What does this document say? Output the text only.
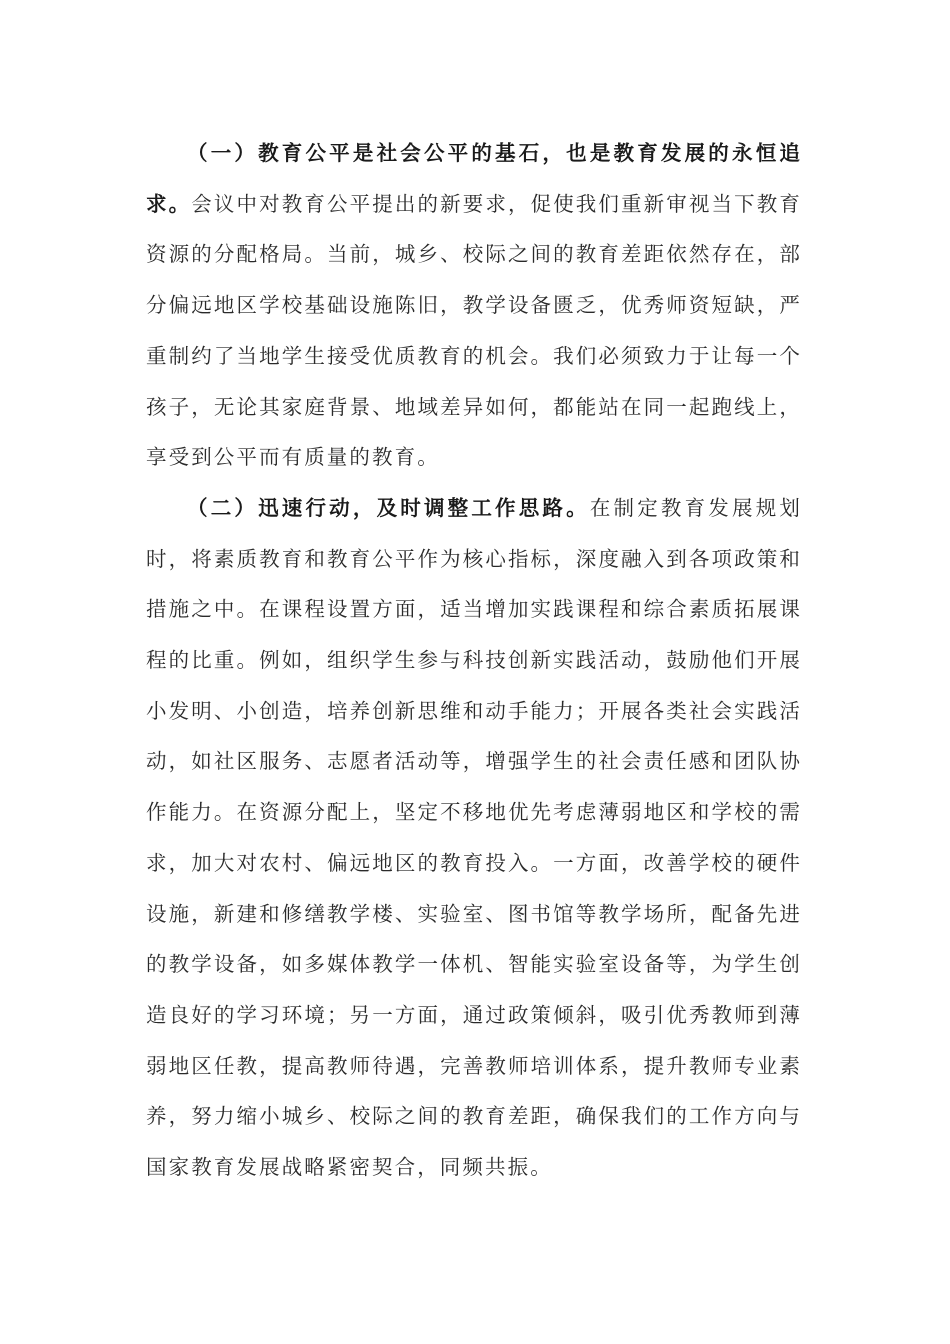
（一）教育公平是社会公平的基石，也是教育发展的永恒追求。会议中对教育公平提出的新要求，促使我们重新审视当下教育资源的分配格局。当前，城乡、校际之间的教育差距依然存在，部分偏远地区学校基础设施陈旧，教学设备匮乏，优秀师资短缺，严重制约了当地学生接受优质教育的机会。我们必须致力于让每一个孩子，无论其家庭背景、地域差异如何，都能站在同一起跑线上，享受到公平而有质量的教育。

（二）迅速行动，及时调整工作思路。在制定教育发展规划时，将素质教育和教育公平作为核心指标，深度融入到各项政策和措施之中。在课程设置方面，适当增加实践课程和综合素质拓展课程的比重。例如，组织学生参与科技创新实践活动，鼓励他们开展小发明、小创造，培养创新思维和动手能力；开展各类社会实践活动，如社区服务、志愿者活动等，增强学生的社会责任感和团队协作能力。在资源分配上，坚定不移地优先考虑薄弱地区和学校的需求，加大对农村、偏远地区的教育投入。一方面，改善学校的硬件设施，新建和修缮教学楼、实验室、图书馆等教学场所，配备先进的教学设备，如多媒体教学一体机、智能实验室设备等，为学生创造良好的学习环境；另一方面，通过政策倾斜，吸引优秀教师到薄弱地区任教，提高教师待遇，完善教师培训体系，提升教师专业素养，努力缩小城乡、校际之间的教育差距，确保我们的工作方向与国家教育发展战略紧密契合，同频共振。
